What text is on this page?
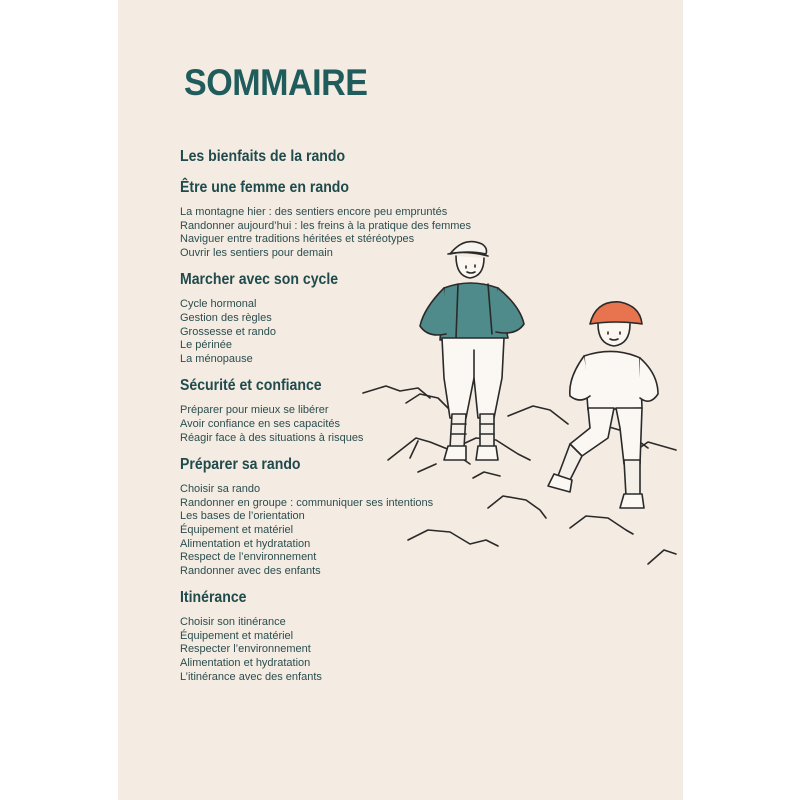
SOMMAIRE
Les bienfaits de la rando
Être une femme en rando
La montagne hier : des sentiers encore peu empruntés
Randonner aujourd’hui : les freins à la pratique des femmes
Naviguer entre traditions héritées et stéréotypes
Ouvrir les sentiers pour demain
Marcher avec son cycle
Cycle hormonal
Gestion des règles
Grossesse et rando
Le périnée
La ménopause
Sécurité et confiance
Préparer pour mieux se libérer
Avoir confiance en ses capacités
Réagir face à des situations à risques
Préparer sa rando
Choisir sa rando
Randonner en groupe : communiquer ses intentions
Les bases de l’orientation
Équipement et matériel
Alimentation et hydratation
Respect de l’environnement
Randonner avec des enfants
Itinérance
Choisir son itinérance
Équipement et matériel
Respecter l’environnement
Alimentation et hydratation
L’itinérance avec des enfants
